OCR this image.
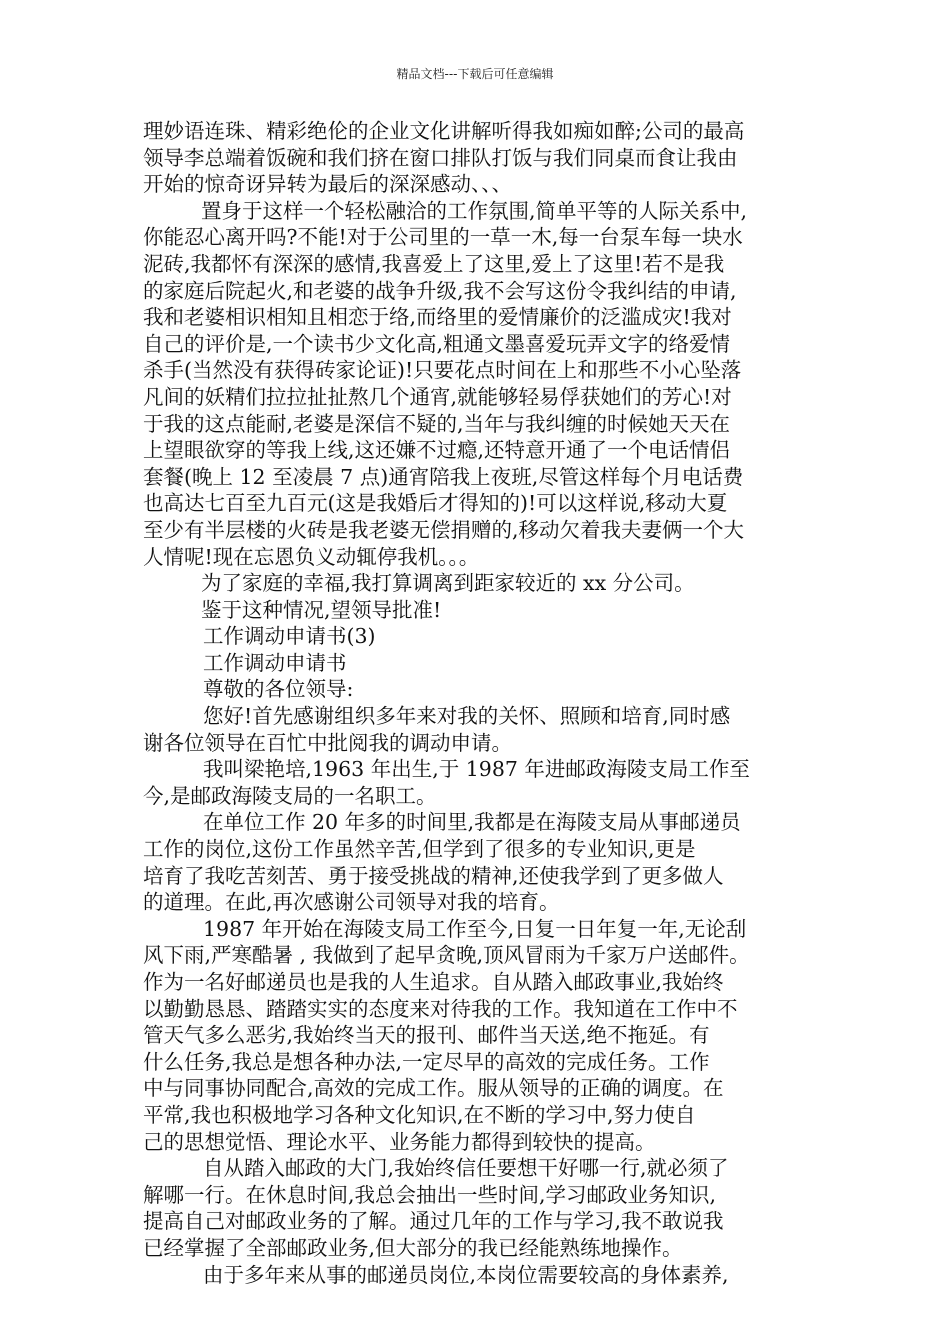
精品文档---下载后可任意编辑
理妙语连珠、精彩绝伦的企业文化讲解听得我如痴如醉;公司的最高
领导李总端着饭碗和我们挤在窗口排队打饭与我们同桌而食让我由
开始的惊奇讶异转为最后的深深感动、、、
置身于这样一个轻松融洽的工作氛围,简单平等的人际关系中,
你能忍心离开吗?不能!对于公司里的一草一木,每一台泵车每一块水
泥砖,我都怀有深深的感情,我喜爱上了这里,爱上了这里!若不是我
的家庭后院起火,和老婆的战争升级,我不会写这份令我纠结的申请,
我和老婆相识相知且相恋于络,而络里的爱情廉价的泛滥成灾!我对
自己的评价是,一个读书少文化高,粗通文墨喜爱玩弄文字的络爱情
杀手(当然没有获得砖家论证)!只要花点时间在上和那些不小心坠落
凡间的妖精们拉拉扯扯熬几个通宵,就能够轻易俘获她们的芳心!对
于我的这点能耐,老婆是深信不疑的,当年与我纠缠的时候她天天在
上望眼欲穿的等我上线,这还嫌不过瘾,还特意开通了一个电话情侣
套餐(晚上 12 至凌晨 7 点)通宵陪我上夜班,尽管这样每个月电话费
也高达七百至九百元(这是我婚后才得知的)!可以这样说,移动大夏
至少有半层楼的火砖是我老婆无偿捐赠的,移动欠着我夫妻俩一个大
人情呢!现在忘恩负义动辄停我机。。。
为了家庭的幸福,我打算调离到距家较近的 xx 分公司。
鉴于这种情况,望领导批准!
工作调动申请书(3)
工作调动申请书
尊敬的各位领导:
您好!首先感谢组织多年来对我的关怀、照顾和培育,同时感
谢各位领导在百忙中批阅我的调动申请。
我叫梁艳培,1963 年出生,于 1987 年进邮政海陵支局工作至
今,是邮政海陵支局的一名职工。
在单位工作 20 年多的时间里,我都是在海陵支局从事邮递员
工作的岗位,这份工作虽然辛苦,但学到了很多的专业知识,更是
培育了我吃苦刻苦、勇于接受挑战的精神,还使我学到了更多做人
的道理。在此,再次感谢公司领导对我的培育。
1987 年开始在海陵支局工作至今,日复一日年复一年,无论刮
风下雨,严寒酷暑 , 我做到了起早贪晚,顶风冒雨为千家万户送邮件。
作为一名好邮递员也是我的人生追求。自从踏入邮政事业,我始终
以勤勤恳恳、踏踏实实的态度来对待我的工作。我知道在工作中不
管天气多么恶劣,我始终当天的报刊、邮件当天送,绝不拖延。有
什么任务,我总是想各种办法,一定尽早的高效的完成任务。工作
中与同事协同配合,高效的完成工作。服从领导的正确的调度。在
平常,我也积极地学习各种文化知识,在不断的学习中,努力使自
己的思想觉悟、理论水平、业务能力都得到较快的提高。
自从踏入邮政的大门,我始终信任要想干好哪一行,就必须了
解哪一行。在休息时间,我总会抽出一些时间,学习邮政业务知识,
提高自己对邮政业务的了解。通过几年的工作与学习,我不敢说我
已经掌握了全部邮政业务,但大部分的我已经能熟练地操作。
由于多年来从事的邮递员岗位,本岗位需要较高的身体素养,
